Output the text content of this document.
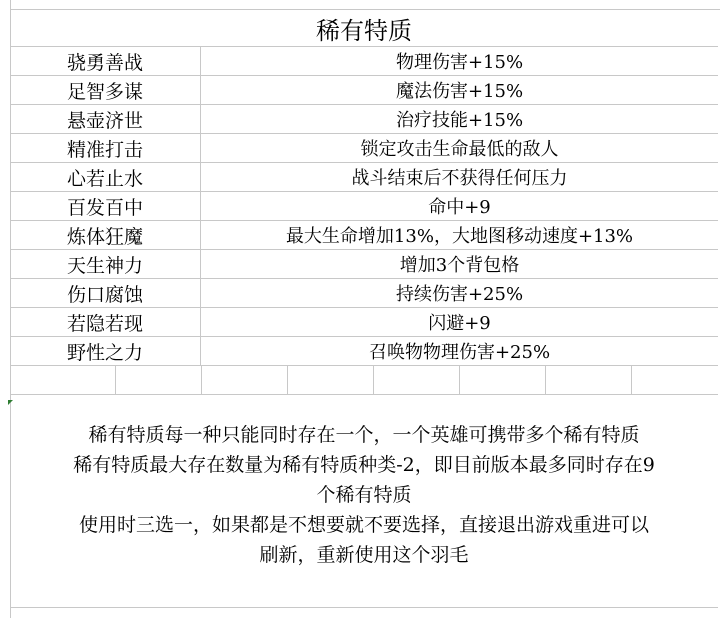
稀有特质
骁勇善战	物理伤害+15%
足智多谋	魔法伤害+15%
悬壶济世	治疗技能+15%
精准打击	锁定攻击生命最低的敌人
心若止水	战斗结束后不获得任何压力
百发百中	命中+9
炼体狂魔	最大生命增加13%，大地图移动速度+13%
天生神力	增加3个背包格
伤口腐蚀	持续伤害+25%
若隐若现	闪避+9
野性之力	召唤物物理伤害+25%

稀有特质每一种只能同时存在一个，一个英雄可携带多个稀有特质

稀有特质最大存在数量为稀有特质种类-2，即目前版本最多同时存在9

个稀有特质

使用时三选一，如果都是不想要就不要选择，直接退出游戏重进可以

刷新，重新使用这个羽毛
